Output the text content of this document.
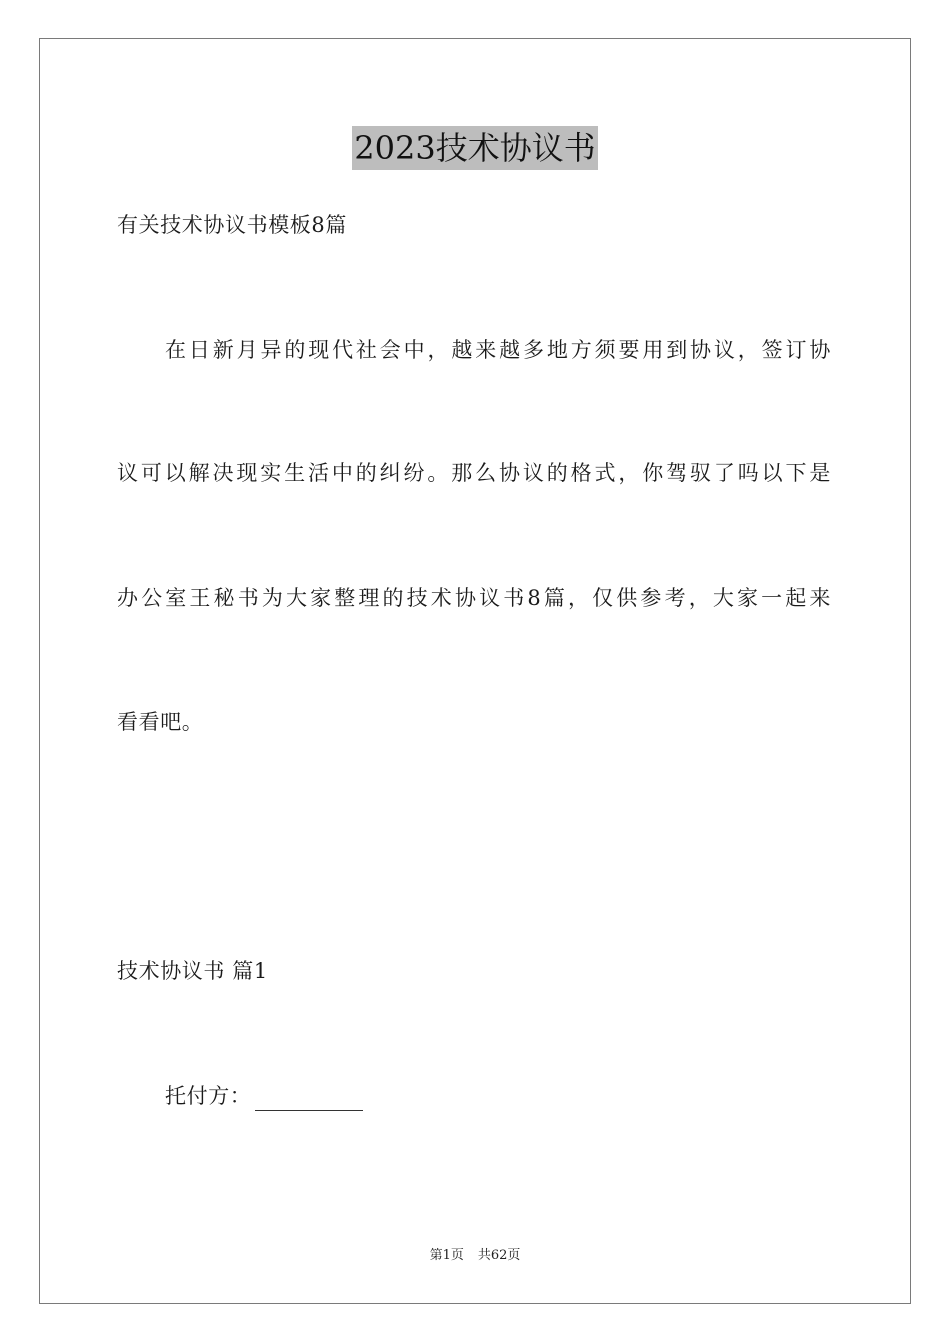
2023技术协议书
有关技术协议书模板8篇
在日新月异的现代社会中，越来越多地方须要用到协议，签订协
议可以解决现实生活中的纠纷。那么协议的格式，你驾驭了吗以下是
办公室王秘书为大家整理的技术协议书8篇，仅供参考，大家一起来
看看吧。
技术协议书 篇1
托付方：
第1页 共62页
